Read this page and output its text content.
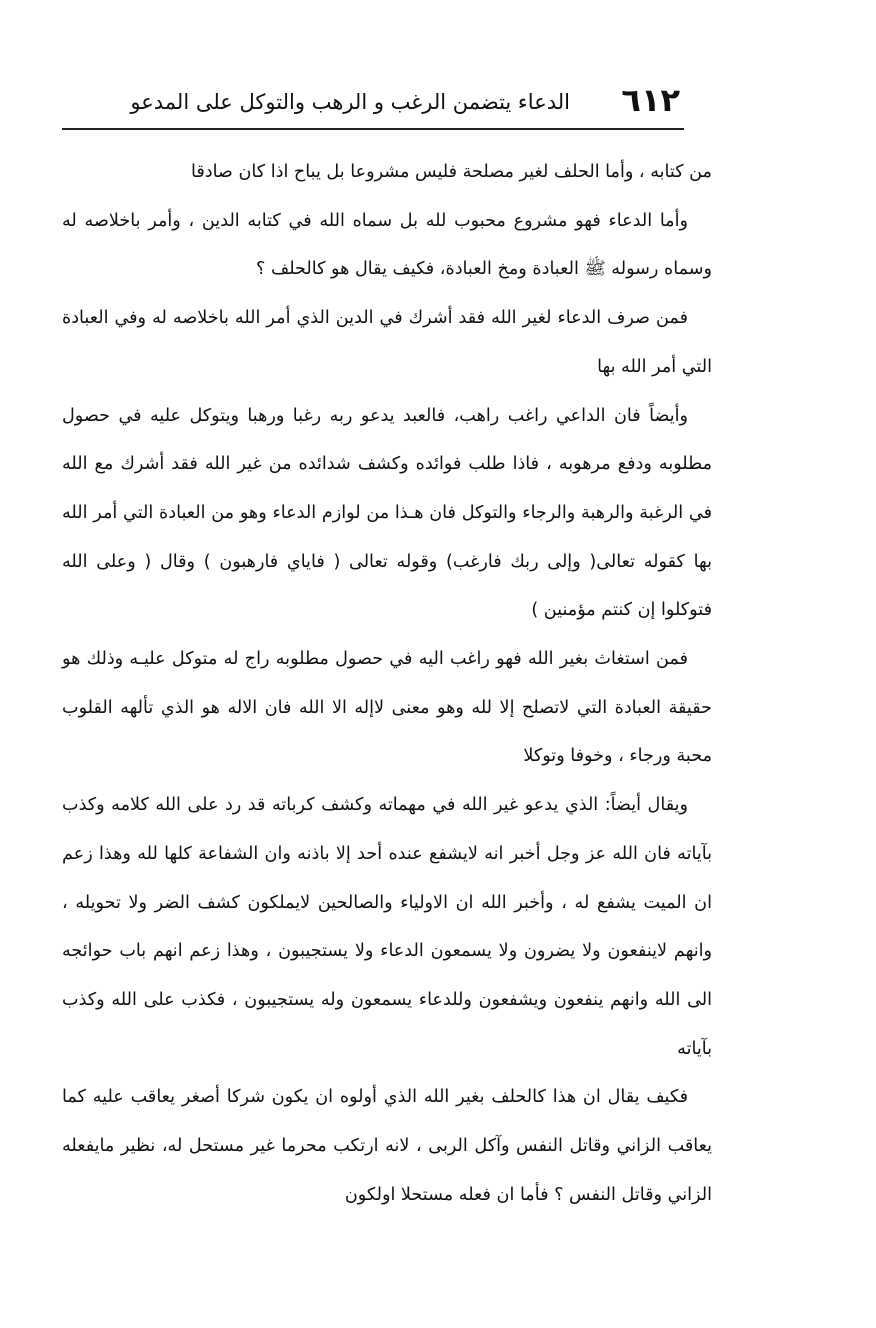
٦١٢
الدعاء يتضمن الرغب و الرهب والتوكل على المدعو

من كتابه ، وأما الحلف لغير مصلحة فليس مشروعا بل يباح اذا كان صادقا

وأما الدعاء فهو مشروع محبوب لله بل سماه الله في كتابه الدين ، وأمر باخلاصه له وسماه رسوله ﷺ العبادة ومخ العبادة، فكيف يقال هو كالحلف ؟

فمن صرف الدعاء لغير الله فقد أشرك في الدين الذي أمر الله باخلاصه له وفي العبادة التي أمر الله بها

وأيضاً فان الداعي راغب راهب، فالعبد يدعو ربه رغبا ورهبا ويتوكل عليه في حصول مطلوبه ودفع مرهوبه ، فاذا طلب فوائده وكشف شدائده من غير الله فقد أشرك مع الله في الرغبة والرهبة والرجاء والتوكل فان هـذا من لوازم الدعاء وهو من العبادة التي أمر الله بها كقوله تعالى( وإلى ربك فارغب) وقوله تعالى ( فاياي فارهبون ) وقال ( وعلى الله فتوكلوا إن كنتم مؤمنين )

فمن استغاث بغير الله فهو راغب اليه في حصول مطلوبه راج له متوكل عليـه وذلك هو حقيقة العبادة التي لاتصلح إلا لله وهو معنى لاإله الا الله فان الاله هو الذي تألهه القلوب محبة ورجاء ، وخوفا وتوكلا

ويقال أيضاً: الذي يدعو غير الله في مهماته وكشف كرباته قد رد على الله كلامه وكذب بآياته فان الله عز وجل أخبر انه لايشفع عنده أحد إلا باذنه وان الشفاعة كلها لله وهذا زعم ان الميت يشفع له ، وأخبر الله ان الاولياء والصالحين لايملكون كشف الضر ولا تحويله ، وانهم لاينفعون ولا يضرون ولا يسمعون الدعاء ولا يستجيبون ، وهذا زعم انهم باب حوائجه الى الله وانهم ينفعون ويشفعون وللدعاء يسمعون وله يستجيبون ، فكذب على الله وكذب بآياته

فكيف يقال ان هذا كالحلف بغير الله الذي أولوه ان يكون شركا أصغر يعاقب عليه كما يعاقب الزاني وقاتل النفس وآكل الربى ، لانه ارتكب محرما غير مستحل له، نظير مايفعله الزاني وقاتل النفس ؟ فأما ان فعله مستحلا اولكون
